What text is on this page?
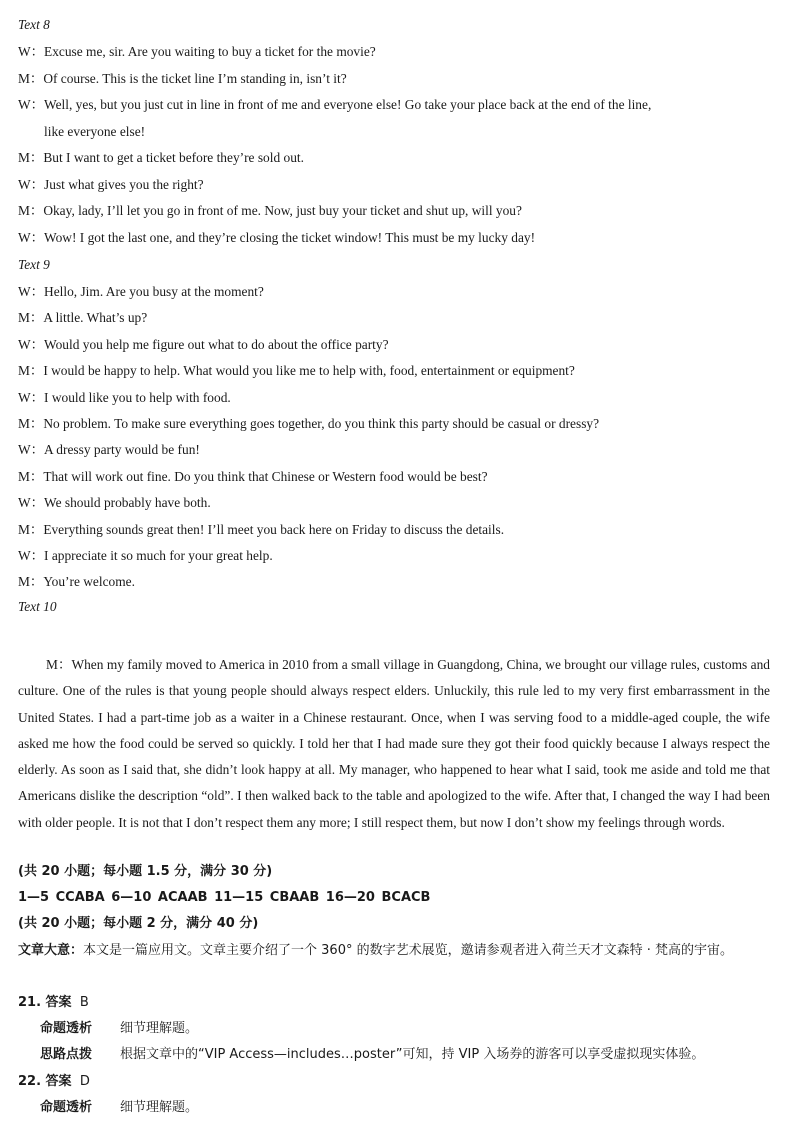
Text 8
W：Excuse me, sir. Are you waiting to buy a ticket for the movie?
M：Of course. This is the ticket line I’m standing in, isn’t it?
W：Well, yes, but you just cut in line in front of me and everyone else! Go take your place back at the end of the line,
like everyone else!
M：But I want to get a ticket before they’re sold out.
W：Just what gives you the right?
M：Okay, lady, I’ll let you go in front of me. Now, just buy your ticket and shut up, will you?
W：Wow! I got the last one, and they’re closing the ticket window! This must be my lucky day!
Text 9
W：Hello, Jim. Are you busy at the moment?
M：A little. What’s up?
W：Would you help me figure out what to do about the office party?
M：I would be happy to help. What would you like me to help with, food, entertainment or equipment?
W：I would like you to help with food.
M：No problem. To make sure everything goes together, do you think this party should be casual or dressy?
W：A dressy party would be fun!
M：That will work out fine. Do you think that Chinese or Western food would be best?
W：We should probably have both.
M：Everything sounds great then! I’ll meet you back here on Friday to discuss the details.
W：I appreciate it so much for your great help.
M：You’re welcome.
Text 10
M：When my family moved to America in 2010 from a small village in Guangdong, China, we brought our village rules, customs and culture. One of the rules is that young people should always respect elders. Unluckily, this rule led to my very first embarrassment in the United States. I had a part-time job as a waiter in a Chinese restaurant. Once, when I was serving food to a middle-aged couple, the wife asked me how the food could be served so quickly. I told her that I had made sure they got their food quickly because I always respect the elderly. As soon as I said that, she didn’t look happy at all. My manager, who happened to hear what I said, took me aside and told me that Americans dislike the description “old”. I then walked back to the table and apologized to the wife. After that, I changed the way I had been with older people. It is not that I don’t respect them any more; I still respect them, but now I don’t show my feelings through words.
(共 20 小题；每小题 1.5 分，满分 30 分)
1—5 CCABA 6—10 ACAAB 11—15 CBAAB 16—20 BCACB
(共 20 小题；每小题 2 分，满分 40 分)
文章大意：本文是一篇应用文。文章主要介绍了一个 360° 的数字艺术展览，邀请参观者进入荷兰天才文森特 · 梵高的宇宙。
21. 答案 B
命题透析 细节理解题。
思路点拨 根据文章中的“VIP Access—includes…poster”可知，持 VIP 入场券的游客可以享受虚拟现实体验。
22. 答案 D
命题透析 细节理解题。
